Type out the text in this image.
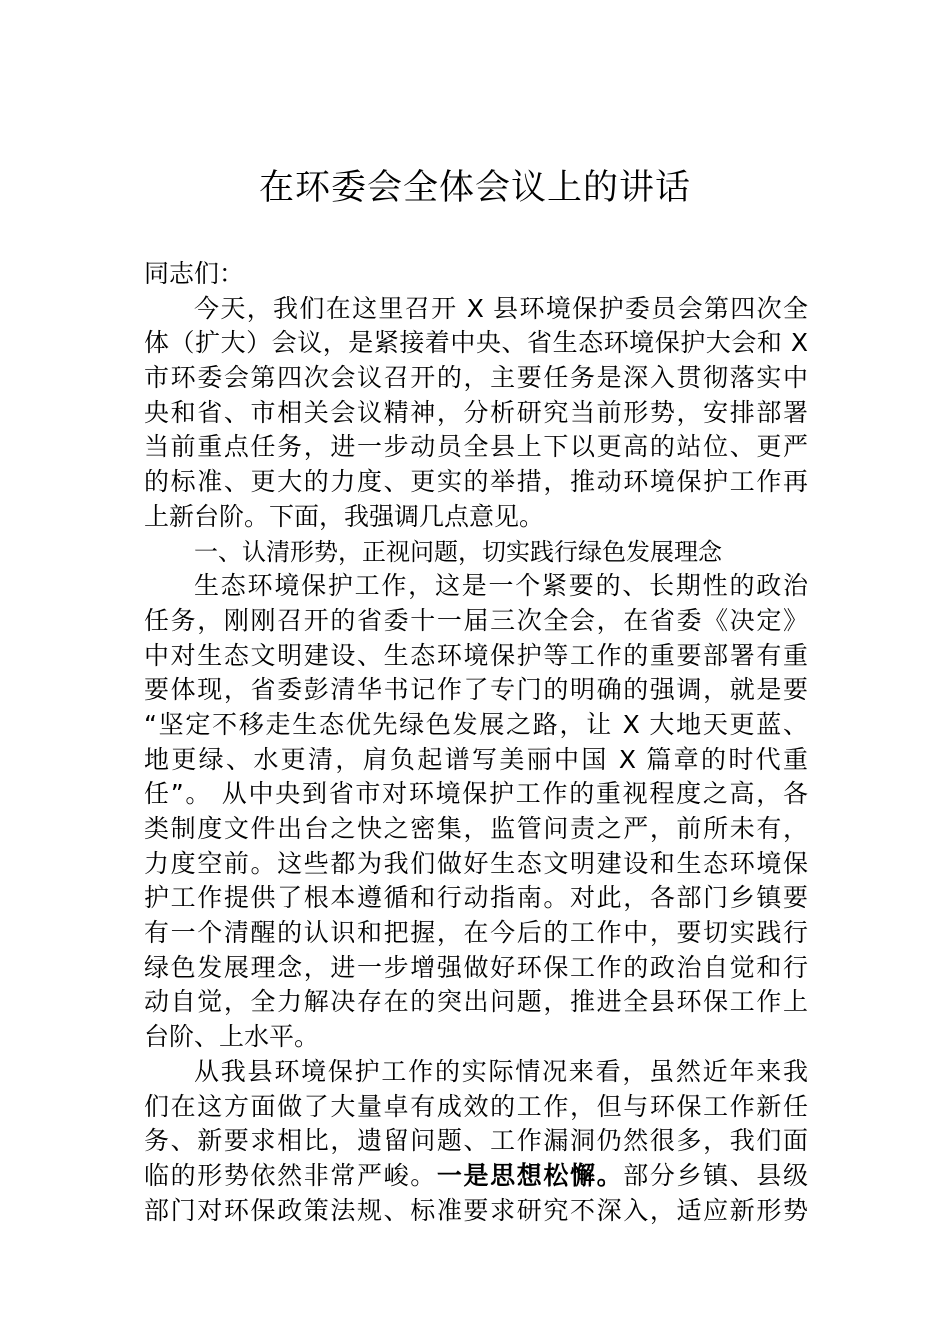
在环委会全体会议上的讲话
同志们：
今天，我们在这里召开 X 县环境保护委员会第四次全
体（扩大）会议，是紧接着中央、省生态环境保护大会和 X
市环委会第四次会议召开的，主要任务是深入贯彻落实中
央和省、市相关会议精神，分析研究当前形势，安排部署
当前重点任务，进一步动员全县上下以更高的站位、更严
的标准、更大的力度、更实的举措，推动环境保护工作再
上新台阶。下面，我强调几点意见。
一、认清形势，正视问题，切实践行绿色发展理念
生态环境保护工作，这是一个紧要的、长期性的政治
任务，刚刚召开的省委十一届三次全会，在省委《决定》
中对生态文明建设、生态环境保护等工作的重要部署有重
要体现，省委彭清华书记作了专门的明确的强调，就是要
“坚定不移走生态优先绿色发展之路，让 X 大地天更蓝、
地更绿、水更清，肩负起谱写美丽中国 X 篇章的时代重
任”。 从中央到省市对环境保护工作的重视程度之高，各
类制度文件出台之快之密集，监管问责之严，前所未有，
力度空前。这些都为我们做好生态文明建设和生态环境保
护工作提供了根本遵循和行动指南。对此，各部门乡镇要
有一个清醒的认识和把握，在今后的工作中，要切实践行
绿色发展理念，进一步增强做好环保工作的政治自觉和行
动自觉，全力解决存在的突出问题，推进全县环保工作上
台阶、上水平。
从我县环境保护工作的实际情况来看，虽然近年来我
们在这方面做了大量卓有成效的工作，但与环保工作新任
务、新要求相比，遗留问题、工作漏洞仍然很多，我们面
临的形势依然非常严峻。一是思想松懈。部分乡镇、县级
部门对环保政策法规、标准要求研究不深入，适应新形势
